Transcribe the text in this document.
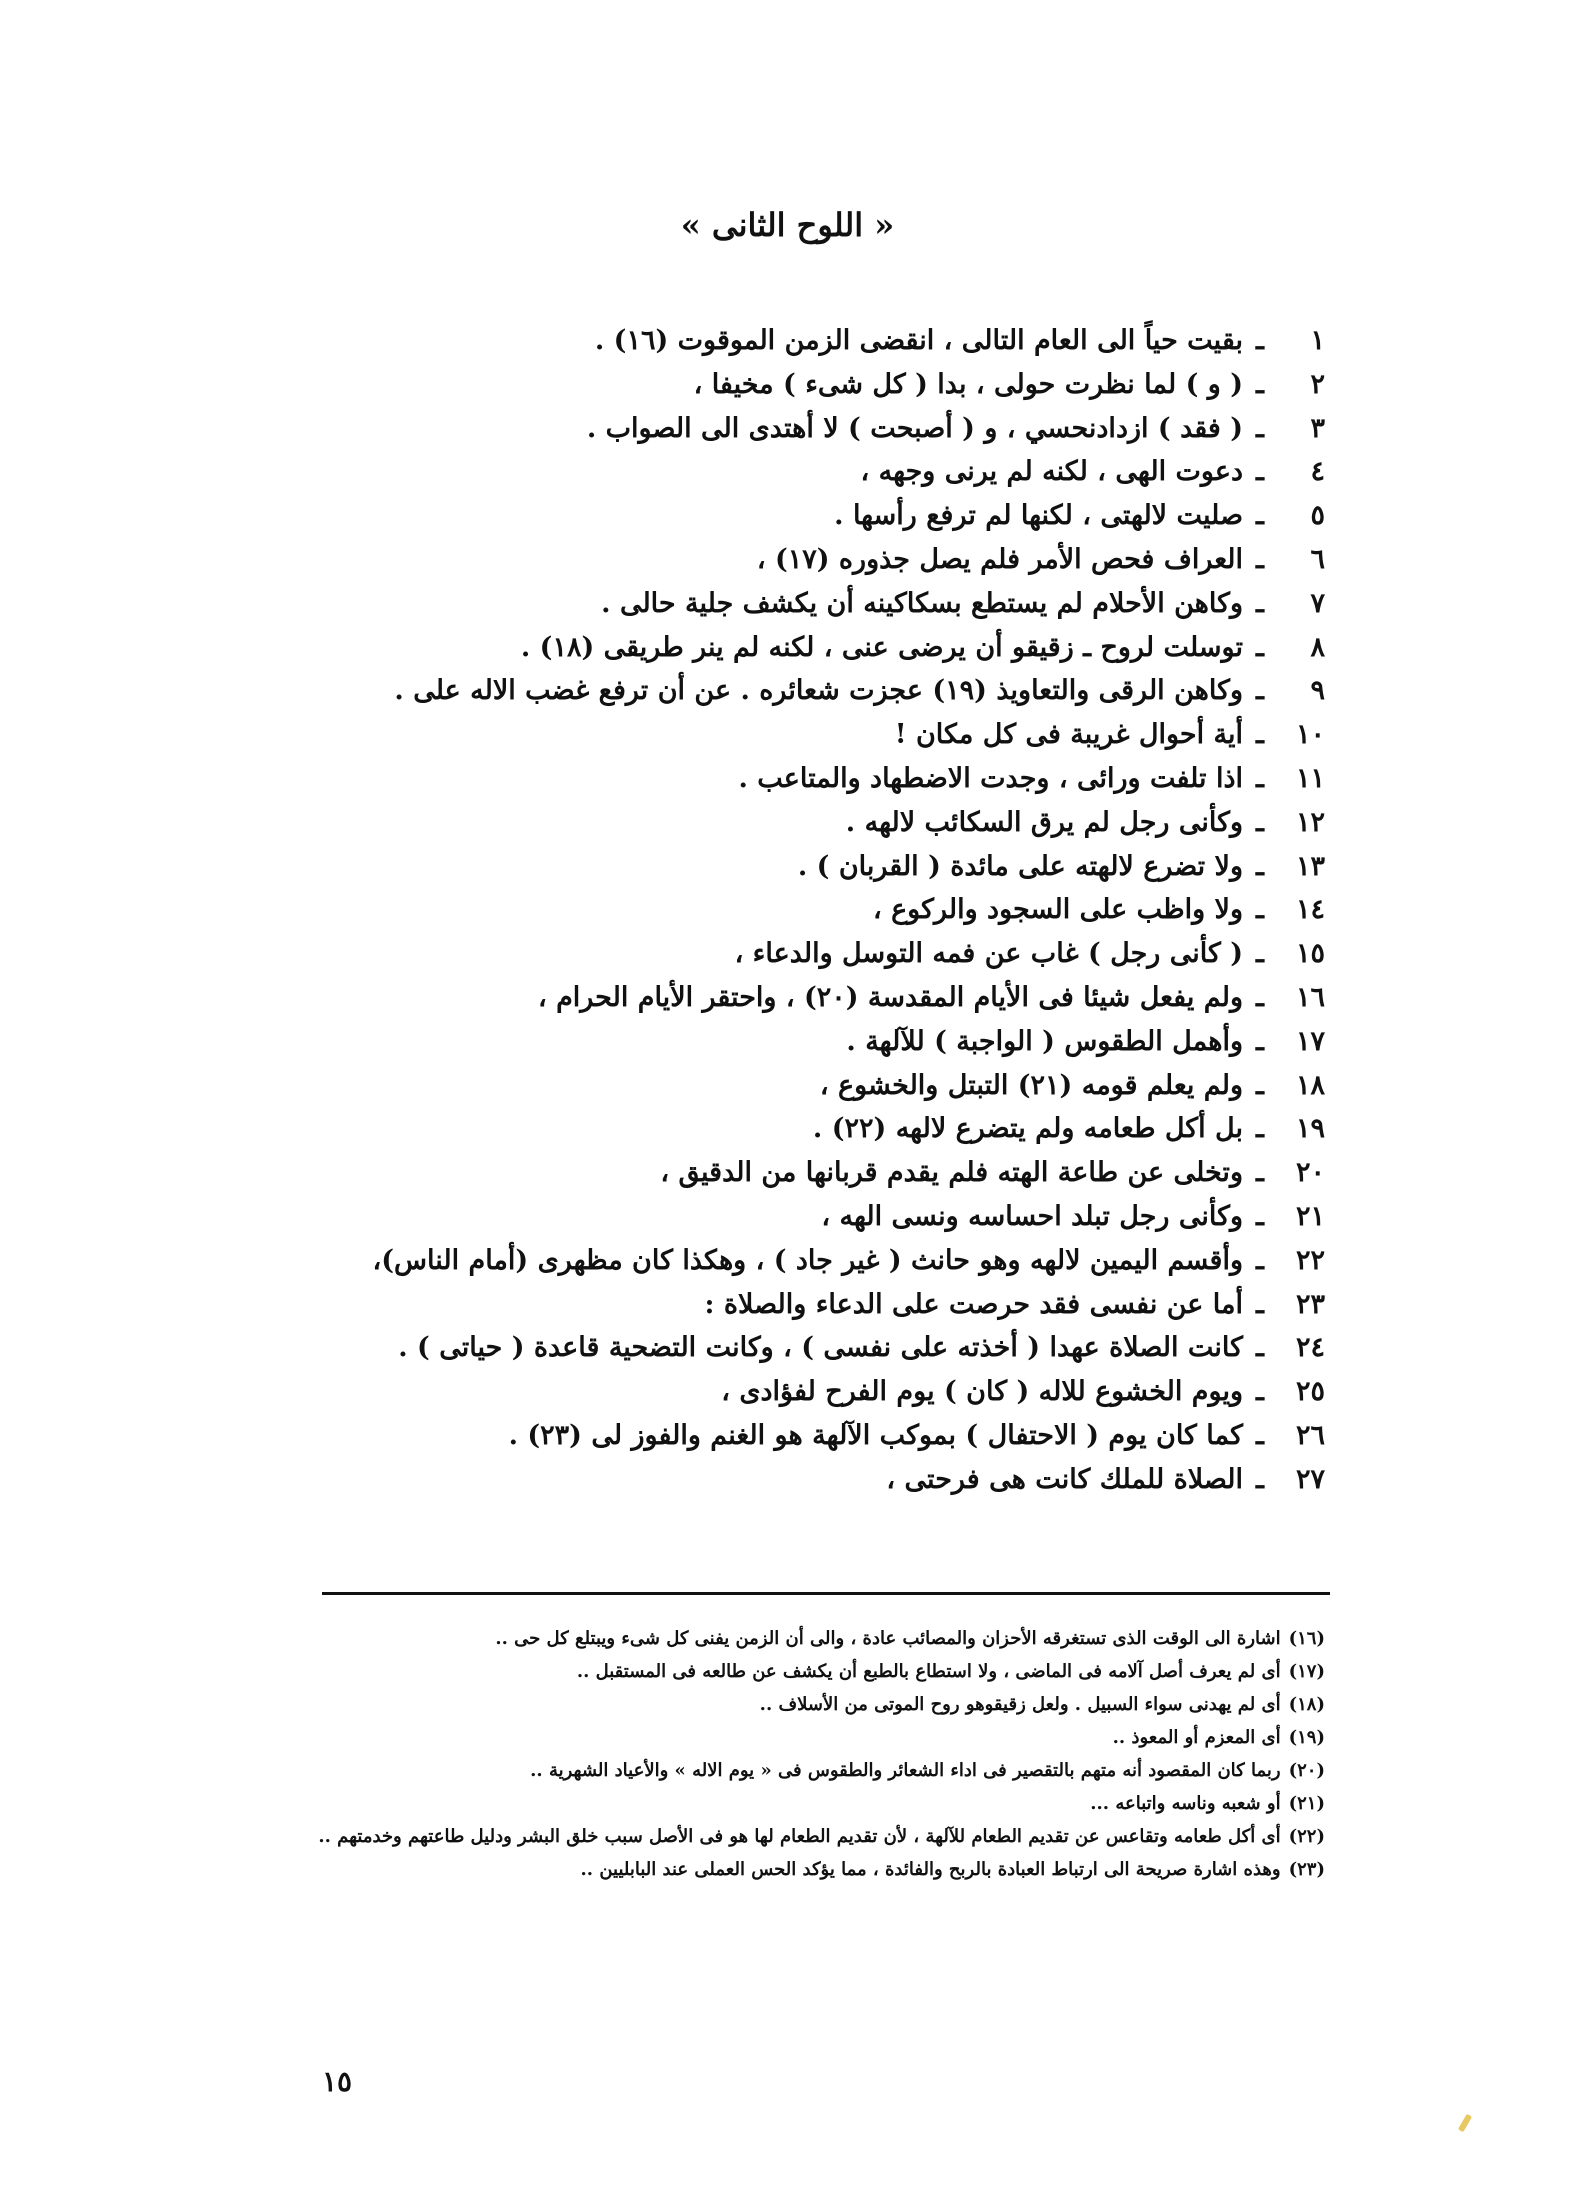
« اللوح الثانى »
١
ـ
بقيت حياً الى العام التالى ، انقضى الزمن الموقوت (١٦) .
٢
ـ
( و ) لما نظرت حولى ، بدا ( كل شىء ) مخيفا ،
٣
ـ
( فقد ) ازدادنحسي ، و ( أصبحت ) لا أهتدى الى الصواب .
٤
ـ
دعوت الهى ، لكنه لم يرنى وجهه ،
٥
ـ
صليت لالهتى ، لكنها لم ترفع رأسها .
٦
ـ
العراف فحص الأمر فلم يصل جذوره (١٧) ،
٧
ـ
وكاهن الأحلام لم يستطع بسكاكينه أن يكشف جلية حالى .
٨
ـ
توسلت لروح ـ زقيقو أن يرضى عنى ، لكنه لم ينر طريقى (١٨) .
٩
ـ
وكاهن الرقى والتعاويذ (١٩) عجزت شعائره . عن أن ترفع غضب الاله على .
١٠
ـ
أية أحوال غريبة فى كل مكان !
١١
ـ
اذا تلفت ورائى ، وجدت الاضطهاد والمتاعب .
١٢
ـ
وكأنى رجل لم يرق السكائب لالهه .
١٣
ـ
ولا تضرع لالهته على مائدة ( القربان ) .
١٤
ـ
ولا واظب على السجود والركوع ،
١٥
ـ
( كأنى رجل ) غاب عن فمه التوسل والدعاء ،
١٦
ـ
ولم يفعل شيئا فى الأيام المقدسة (٢٠) ، واحتقر الأيام الحرام ،
١٧
ـ
وأهمل الطقوس ( الواجبة ) للآلهة .
١٨
ـ
ولم يعلم قومه (٢١) التبتل والخشوع ،
١٩
ـ
بل أكل طعامه ولم يتضرع لالهه (٢٢) .
٢٠
ـ
وتخلى عن طاعة الهته فلم يقدم قربانها من الدقيق ،
٢١
ـ
وكأنى رجل تبلد احساسه ونسى الهه ،
٢٢
ـ
وأقسم اليمين لالهه وهو حانث ( غير جاد ) ، وهكذا كان مظهرى (أمام الناس)،
٢٣
ـ
أما عن نفسى فقد حرصت على الدعاء والصلاة :
٢٤
ـ
كانت الصلاة عهدا ( أخذته على نفسى ) ، وكانت التضحية قاعدة ( حياتى ) .
٢٥
ـ
ويوم الخشوع للاله ( كان ) يوم الفرح لفؤادى ،
٢٦
ـ
كما كان يوم ( الاحتفال ) بموكب الآلهة هو الغنم والفوز لى (٢٣) .
٢٧
ـ
الصلاة للملك كانت هى فرحتى ،
(١٦)اشارة الى الوقت الذى تستغرقه الأحزان والمصائب عادة ، والى أن الزمن يفنى كل شىء ويبتلع كل حى ..
(١٧)أى لم يعرف أصل آلامه فى الماضى ، ولا استطاع بالطبع أن يكشف عن طالعه فى المستقبل ..
(١٨)أى لم يهدنى سواء السبيل . ولعل زقيقوهو روح الموتى من الأسلاف ..
(١٩)أى المعزم أو المعوذ ..
(٢٠)ربما كان المقصود أنه متهم بالتقصير فى اداء الشعائر والطقوس فى « يوم الاله » والأعياد الشهرية ..
(٢١)أو شعبه وناسه واتباعه ...
(٢٢)أى أكل طعامه وتقاعس عن تقديم الطعام للآلهة ، لأن تقديم الطعام لها هو فى الأصل سبب خلق البشر ودليل طاعتهم وخدمتهم ..
(٢٣)وهذه اشارة صريحة الى ارتباط العبادة بالربح والفائدة ، مما يؤكد الحس العملى عند البابليين ..
١٥
